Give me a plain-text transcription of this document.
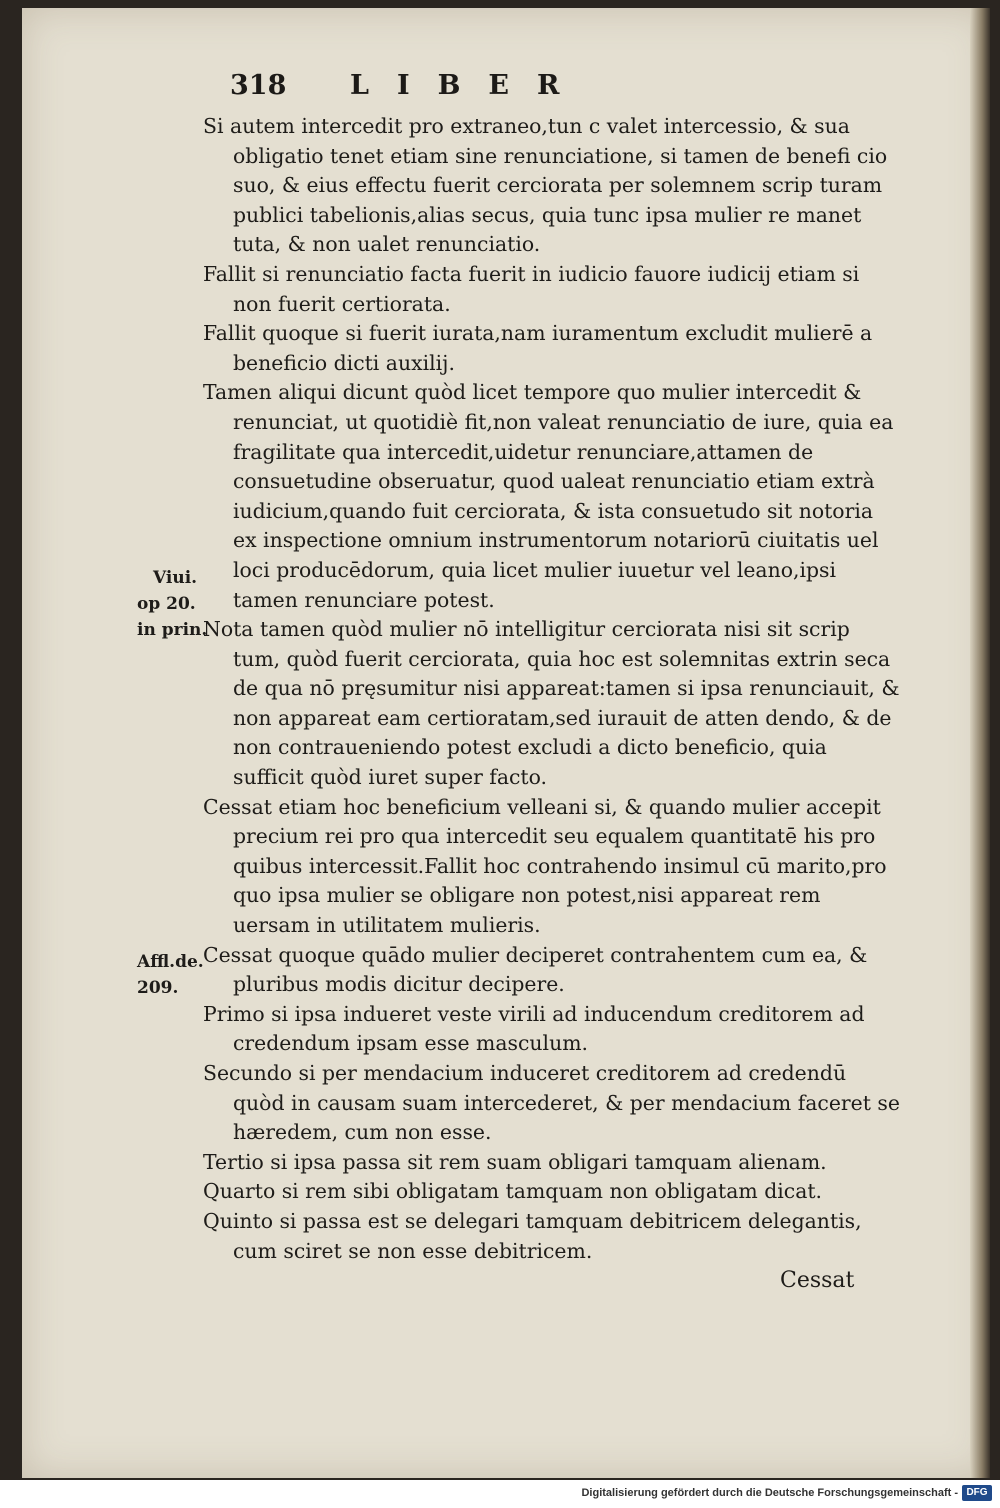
318 LIBER

Si autem intercedit pro extraneo,tun c valet intercessio, & sua obligatio tenet etiam sine renunciatione, si tamen de benefi cio suo, & eius effectu fuerit cerciorata per solemnem scrip turam publici tabelionis,alias secus, quia tunc ipsa mulier re manet tuta, & non ualet renunciatio.

Fallit si renunciatio facta fuerit in iudicio fauore iudicij etiam si non fuerit certiorata.

Fallit quoque si fuerit iurata,nam iuramentum excludit mulierē a beneficio dicti auxilij.

Tamen aliqui dicunt quòd licet tempore quo mulier intercedit & renunciat, ut quotidiè fit,non valeat renunciatio de iure, quia ea fragilitate qua intercedit,uidetur renunciare,attamen de consuetudine obseruatur, quod ualeat renunciatio etiam extrà iudicium,quando fuit cerciorata, & ista consuetudo sit notoria ex inspectione omnium instrumentorum notariorū ciuitatis uel loci producēdorum, quia licet mulier iuuetur vel leano,ipsi tamen renunciare potest.

Nota tamen quòd mulier nō intelligitur cerciorata nisi sit scrip tum, quòd fuerit cerciorata, quia hoc est solemnitas extrin seca de qua nō pręsumitur nisi appareat:tamen si ipsa renunciauit, & non appareat eam certioratam,sed iurauit de atten dendo, & de non contraueniendo potest excludi a dicto beneficio, quia sufficit quòd iuret super facto.

Cessat etiam hoc beneficium velleani si, & quando mulier accepit precium rei pro qua intercedit seu equalem quantitatē his pro quibus intercessit.Fallit hoc contrahendo insimul cū marito,pro quo ipsa mulier se obligare non potest,nisi appareat rem uersam in utilitatem mulieris.

Cessat quoque quādo mulier deciperet contrahentem cum ea, & pluribus modis dicitur decipere.

Primo si ipsa indueret veste virili ad inducendum creditorem ad credendum ipsam esse masculum.

Secundo si per mendacium induceret creditorem ad credendū quòd in causam suam intercederet, & per mendacium faceret se hæredem, cum non esse.

Tertio si ipsa passa sit rem suam obligari tamquam alienam.

Quarto si rem sibi obligatam tamquam non obligatam dicat.

Quinto si passa est se delegari tamquam debitricem delegantis, cum sciret se non esse debitricem.

Viui.
op 20.
in prin.
Affl.de.
209.
Cessat
Digitalisierung gefördert durch die Deutsche Forschungsgemeinschaft - DFG
